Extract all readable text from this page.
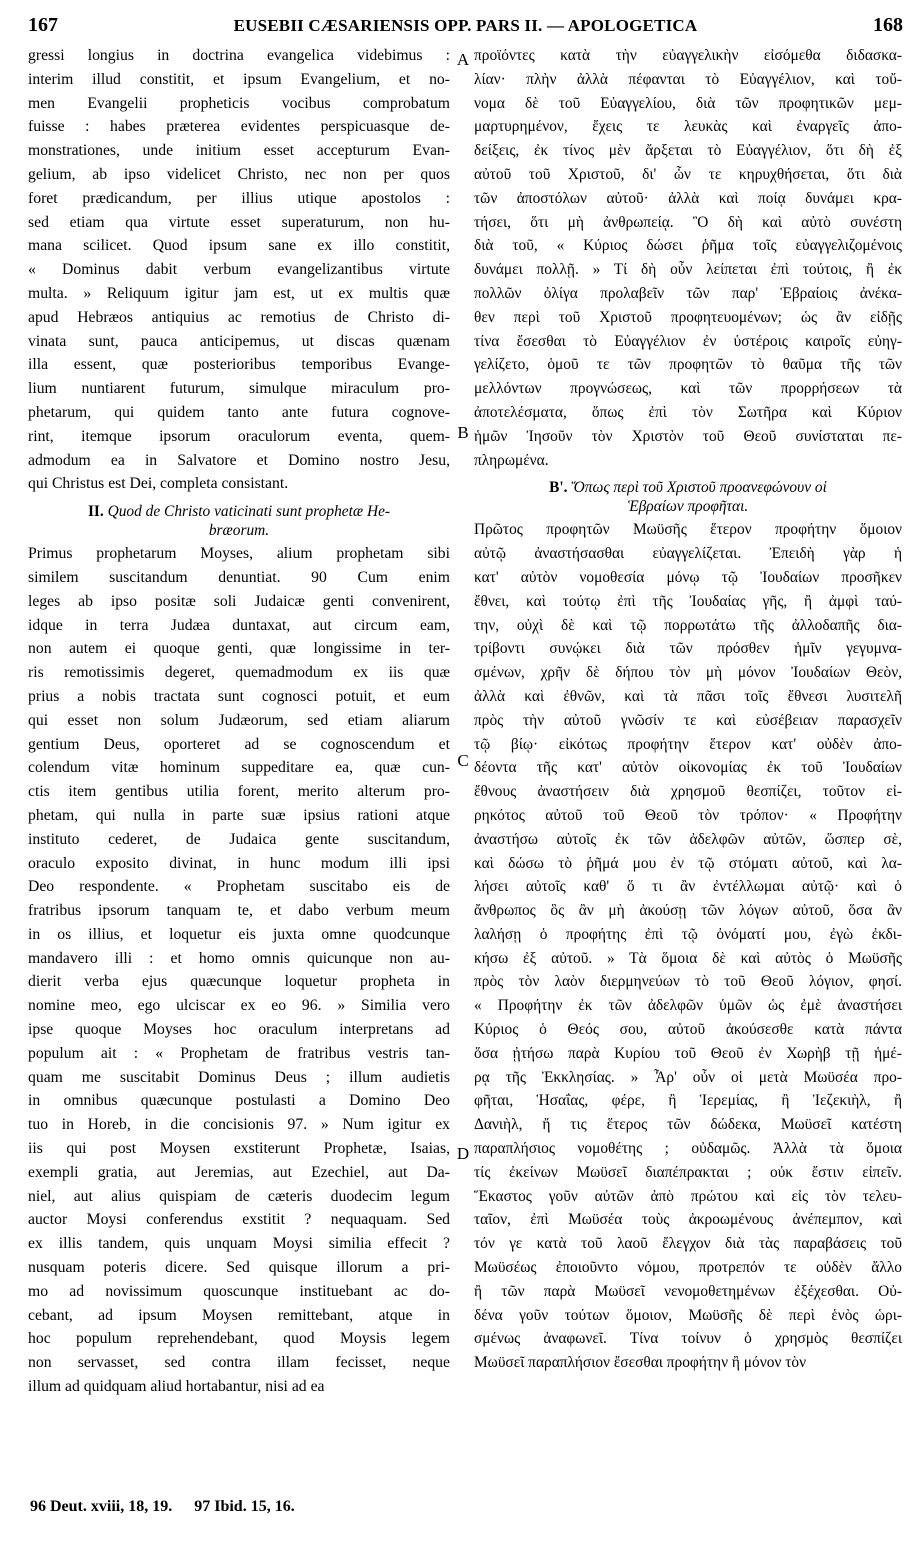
167	EUSEBII CÆSARIENSIS OPP. PARS II. — APOLOGETICA	168
A
B
C
D
gressi longius in doctrina evangelica videbimus :
interim illud constitit, et ipsum Evangelium, et no-
men Evangelii propheticis vocibus comprobatum
fuisse : habes præterea evidentes perspicuasque de-
monstrationes, unde initium esset accepturum Evan-
gelium, ab ipso videlicet Christo, nec non per quos
foret prædicandum, per illius utique apostolos :
sed etiam qua virtute esset superaturum, non hu-
mana scilicet. Quod ipsum sane ex illo constitit,
« Dominus dabit verbum evangelizantibus virtute
multa. » Reliquum igitur jam est, ut ex multis quæ
apud Hebræos antiquius ac remotius de Christo di-
vinata sunt, pauca anticipemus, ut discas quænam
illa essent, quæ posterioribus temporibus Evange-
lium nuntiarent futurum, simulque miraculum pro-
phetarum, qui quidem tanto ante futura cognove-
rint, itemque ipsorum oraculorum eventa, quem-
admodum ea in Salvatore et Domino nostro Jesu,
qui Christus est Dei, completa consistant.
II. Quod de Christo vaticinati sunt prophetæ He-
bræorum.
Primus prophetarum Moyses, alium prophetam sibi
similem suscitandum denuntiat. 90 Cum enim
leges ab ipso positæ soli Judaicæ genti convenirent,
idque in terra Judæa duntaxat, aut circum eam,
non autem ei quoque genti, quæ longissime in ter-
ris remotissimis degeret, quemadmodum ex iis quæ
prius a nobis tractata sunt cognosci potuit, et eum
qui esset non solum Judæorum, sed etiam aliarum
gentium Deus, oporteret ad se cognoscendum et
colendum vitæ hominum suppeditare ea, quæ cun-
ctis item gentibus utilia forent, merito alterum pro-
phetam, qui nulla in parte suæ ipsius rationi atque
instituto cederet, de Judaica gente suscitandum,
oraculo exposito divinat, in hunc modum illi ipsi
Deo respondente. « Prophetam suscitabo eis de
fratribus ipsorum tanquam te, et dabo verbum meum
in os illius, et loquetur eis juxta omne quodcunque
mandavero illi : et homo omnis quicunque non au-
dierit verba ejus quæcunque loquetur propheta in
nomine meo, ego ulciscar ex eo 96. » Similia vero
ipse quoque Moyses hoc oraculum interpretans ad
populum ait : « Prophetam de fratribus vestris tan-
quam me suscitabit Dominus Deus ; illum audietis
in omnibus quæcunque postulasti a Domino Deo
tuo in Horeb, in die concisionis 97. » Num igitur ex
iis qui post Moysen exstiterunt Prophetæ, Isaias,
exempli gratia, aut Jeremias, aut Ezechiel, aut Da-
niel, aut alius quispiam de cæteris duodecim legum
auctor Moysi conferendus exstitit ? nequaquam. Sed
ex illis tandem, quis unquam Moysi similia effecit ?
nusquam poteris dicere. Sed quisque illorum a pri-
mo ad novissimum quoscunque instituebant ac do-
cebant, ad ipsum Moysen remittebant, atque in
hoc populum reprehendebant, quod Moysis legem
non servasset, sed contra illam fecisset, neque
illum ad quidquam aliud hortabantur, nisi ad ea
προϊόντες κατὰ τὴν εὐαγγελικὴν εἰσόμεθα διδασκα-
λίαν· πλὴν ἀλλὰ πέφανται τὸ Εὐαγγέλιον, καὶ τοὔ-
νομα δὲ τοῦ Εὐαγγελίου, διὰ τῶν προφητικῶν μεμ-
μαρτυρημένον, ἔχεις τε λευκὰς καὶ ἐναργεῖς ἀπο-
δείξεις, ἐκ τίνος μὲν ἄρξεται τὸ Εὐαγγέλιον, ὅτι δὴ ἐξ
αὐτοῦ τοῦ Χριστοῦ, δι' ὧν τε κηρυχθήσεται, ὅτι διὰ
τῶν ἀποστόλων αὐτοῦ· ἀλλὰ καὶ ποίᾳ δυνάμει κρα-
τήσει, ὅτι μὴ ἀνθρωπείᾳ. Ὃ δὴ καὶ αὐτὸ συνέστη
διὰ τοῦ, « Κύριος δώσει ῥῆμα τοῖς εὐαγγελιζομένοις
δυνάμει πολλῇ. » Τί δὴ οὖν λείπεται ἐπὶ τούτοις, ἢ ἐκ
πολλῶν ὀλίγα προλαβεῖν τῶν παρ' Ἑβραίοις ἀνέκα-
θεν περὶ τοῦ Χριστοῦ προφητευομένων; ὡς ἂν εἰδῇς
τίνα ἔσεσθαι τὸ Εὐαγγέλιον ἐν ὑστέροις καιροῖς εὐηγ-
γελίζετο, ὁμοῦ τε τῶν προφητῶν τὸ θαῦμα τῆς τῶν
μελλόντων προγνώσεως, καὶ τῶν προρρήσεων τὰ
ἀποτελέσματα, ὅπως ἐπὶ τὸν Σωτῆρα καὶ Κύριον
ἡμῶν Ἰησοῦν τὸν Χριστὸν τοῦ Θεοῦ συνίσταται πε-
πληρωμένα.
Β'. Ὅπως περὶ τοῦ Χριστοῦ προανεφώνουν οἱ
Ἑβραίων προφῆται.
Πρῶτος προφητῶν Μωϋσῆς ἕτερον προφήτην ὅμοιον
αὐτῷ ἀναστήσασθαι εὐαγγελίζεται. Ἐπειδὴ γὰρ ἡ
κατ' αὐτὸν νομοθεσία μόνῳ τῷ Ἰουδαίων προσῆκεν
ἔθνει, καὶ τούτῳ ἐπὶ τῆς Ἰουδαίας γῆς, ἢ ἀμφὶ ταύ-
την, οὐχὶ δὲ καὶ τῷ πορρωτάτω τῆς ἀλλοδαπῆς δια-
τρίβοντι συνῴκει διὰ τῶν πρόσθεν ἡμῖν γεγυμνα-
σμένων, χρῆν δὲ δήπου τὸν μὴ μόνον Ἰουδαίων Θεὸν,
ἀλλὰ καὶ ἐθνῶν, καὶ τὰ πᾶσι τοῖς ἔθνεσι λυσιτελῆ
πρὸς τὴν αὐτοῦ γνῶσίν τε καὶ εὐσέβειαν παρασχεῖν
τῷ βίῳ· εἰκότως προφήτην ἕτερον κατ' οὐδὲν ἀπο-
δέοντα τῆς κατ' αὐτὸν οἰκονομίας ἐκ τοῦ Ἰουδαίων
ἔθνους ἀναστήσειν διὰ χρησμοῦ θεσπίζει, τοῦτον εἰ-
ρηκότος αὐτοῦ τοῦ Θεοῦ τὸν τρόπον· « Προφήτην
ἀναστήσω αὐτοῖς ἐκ τῶν ἀδελφῶν αὐτῶν, ὥσπερ σὲ,
καὶ δώσω τὸ ῥῆμά μου ἐν τῷ στόματι αὐτοῦ, καὶ λα-
λήσει αὐτοῖς καθ' ὅ τι ἂν ἐντέλλωμαι αὐτῷ· καὶ ὁ
ἄνθρωπος ὃς ἂν μὴ ἀκούσῃ τῶν λόγων αὐτοῦ, ὅσα ἂν
λαλήσῃ ὁ προφήτης ἐπὶ τῷ ὀνόματί μου, ἐγὼ ἐκδι-
κήσω ἐξ αὐτοῦ. » Τὰ ὅμοια δὲ καὶ αὐτὸς ὁ Μωϋσῆς
πρὸς τὸν λαὸν διερμηνεύων τὸ τοῦ Θεοῦ λόγιον, φησί.
« Προφήτην ἐκ τῶν ἀδελφῶν ὑμῶν ὡς ἐμὲ ἀναστήσει
Κύριος ὁ Θεός σου, αὐτοῦ ἀκούσεσθε κατὰ πάντα
ὅσα ᾐτήσω παρὰ Κυρίου τοῦ Θεοῦ ἐν Χωρὴβ τῇ ἡμέ-
ρᾳ τῆς Ἐκκλησίας. » Ἆρ' οὖν οἱ μετὰ Μωϋσέα προ-
φῆται, Ἡσαΐας, φέρε, ἢ Ἱερεμίας, ἢ Ἰεζεκιὴλ, ἢ
Δανιὴλ, ἤ τις ἕτερος τῶν δώδεκα, Μωϋσεῖ κατέστη
παραπλήσιος νομοθέτης ; οὐδαμῶς. Ἀλλὰ τὰ ὅμοια
τίς ἐκείνων Μωϋσεῖ διαπέπρακται ; οὐκ ἔστιν εἰπεῖν.
Ἕκαστος γοῦν αὐτῶν ἀπὸ πρώτου καὶ εἰς τὸν τελευ-
ταῖον, ἐπὶ Μωϋσέα τοὺς ἀκροωμένους ἀνέπεμπον, καὶ
τόν γε κατὰ τοῦ λαοῦ ἔλεγχον διὰ τὰς παραβάσεις τοῦ
Μωϋσέως ἐποιοῦντο νόμου, προτρεπόν τε οὐδὲν ἄλλο
ἢ τῶν παρὰ Μωϋσεῖ νενομοθετημένων ἐξέχεσθαι. Οὐ-
δένα γοῦν τούτων ὅμοιον, Μωϋσῆς δὲ περὶ ἑνὸς ὡρι-
σμένως ἀναφωνεῖ. Τίνα τοίνυν ὁ χρησμὸς θεσπίζει
Μωϋσεῖ παραπλήσιον ἔσεσθαι προφήτην ἢ μόνον τὸν
96 Deut. xviii, 18, 19. 97 Ibid. 15, 16.
